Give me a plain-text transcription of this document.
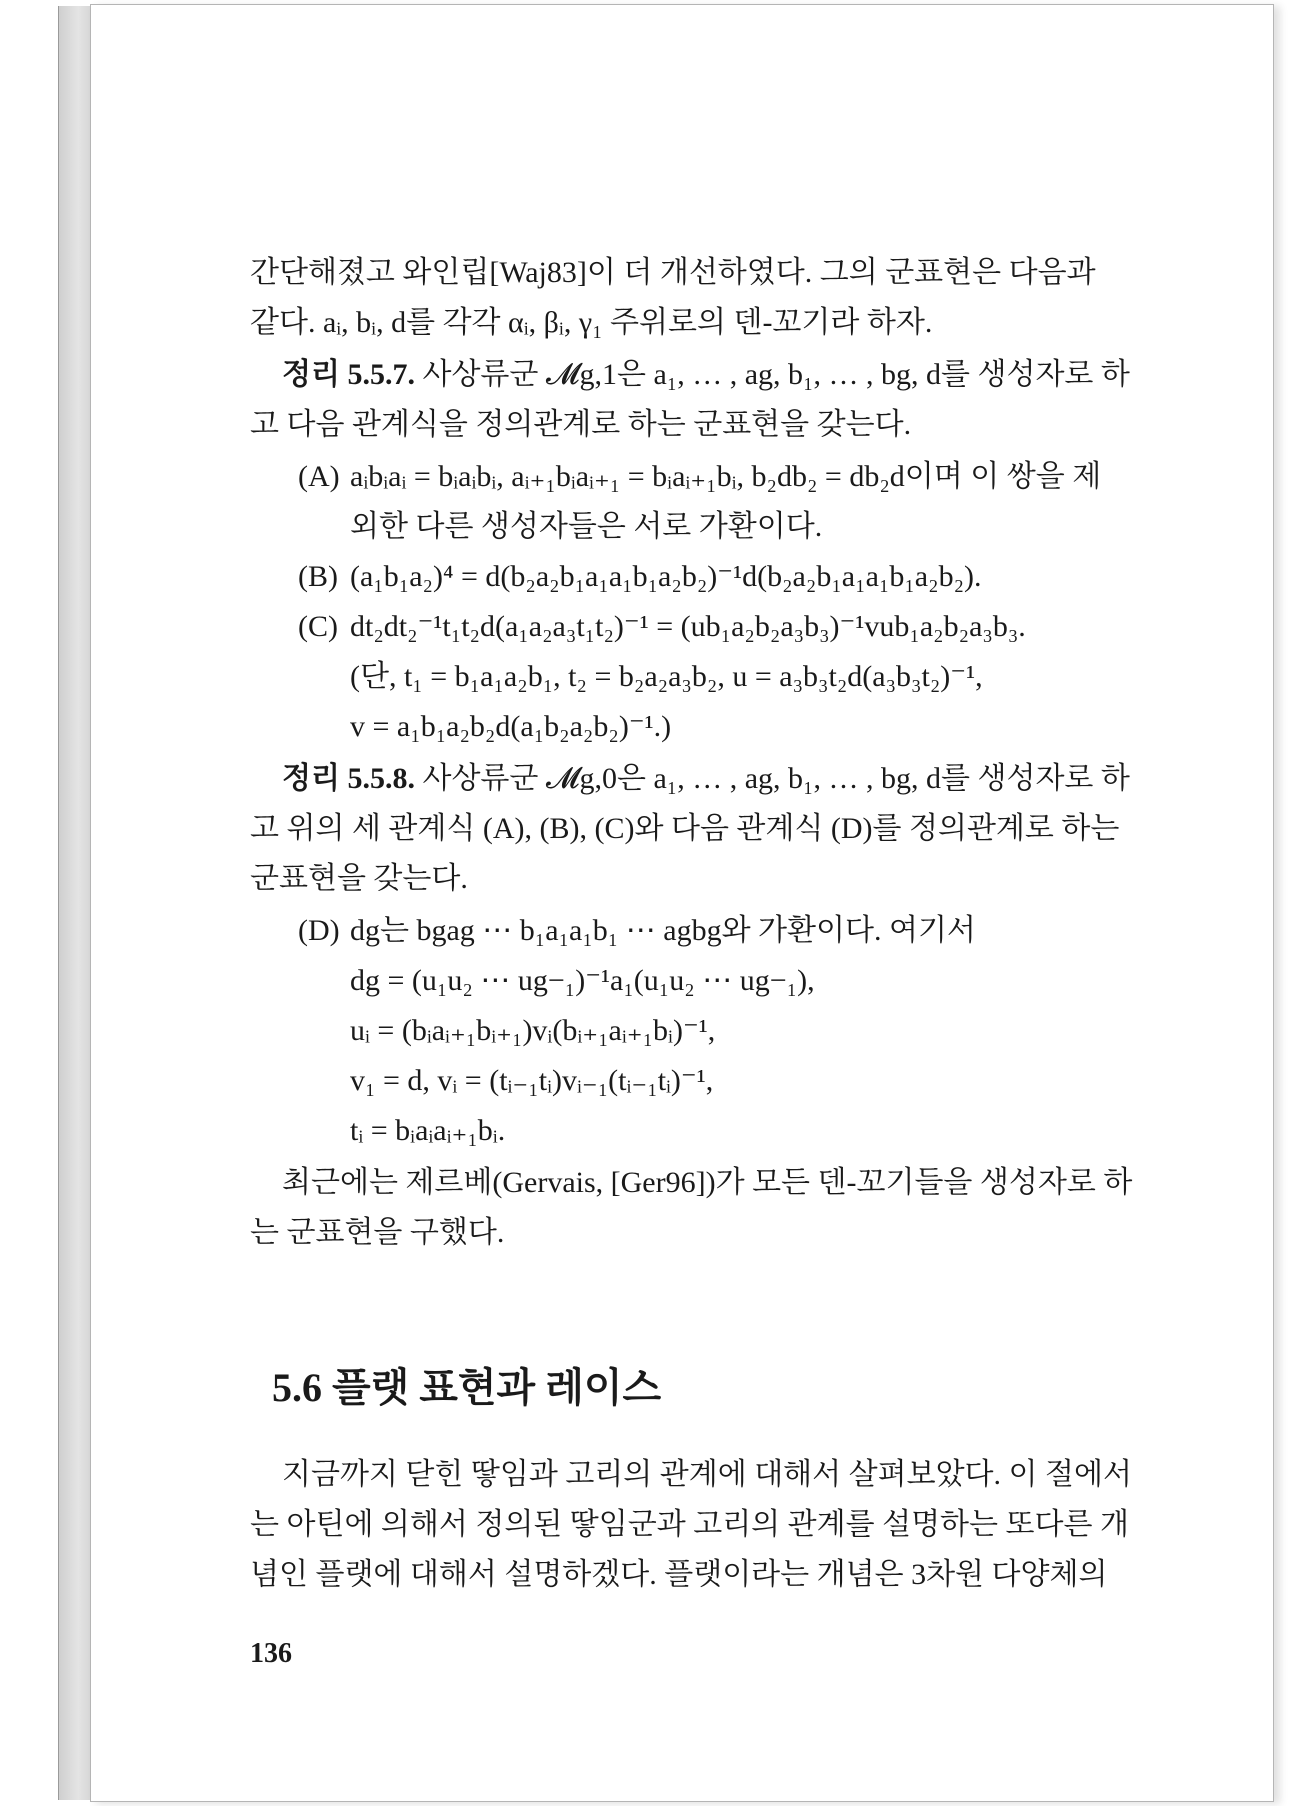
간단해졌고 와인립[Waj83]이 더 개선하였다. 그의 군표현은 다음과

같다. aᵢ, bᵢ, d를 각각 αᵢ, βᵢ, γ₁ 주위로의 덴-꼬기라 하자.

정리 5.5.7. 사상류군 𝓜g,1은 a₁, … , ag, b₁, … , bg, d를 생성자로 하

고 다음 관계식을 정의관계로 하는 군표현을 갖는다.

(A) aᵢbᵢaᵢ = bᵢaᵢbᵢ, aᵢ₊₁bᵢaᵢ₊₁ = bᵢaᵢ₊₁bᵢ, b₂db₂ = db₂d이며 이 쌍을 제

외한 다른 생성자들은 서로 가환이다.

(B) (a₁b₁a₂)⁴ = d(b₂a₂b₁a₁a₁b₁a₂b₂)⁻¹d(b₂a₂b₁a₁a₁b₁a₂b₂).

(C) dt₂dt₂⁻¹t₁t₂d(a₁a₂a₃t₁t₂)⁻¹ = (ub₁a₂b₂a₃b₃)⁻¹vub₁a₂b₂a₃b₃.

(단, t₁ = b₁a₁a₂b₁, t₂ = b₂a₂a₃b₂, u = a₃b₃t₂d(a₃b₃t₂)⁻¹,

v = a₁b₁a₂b₂d(a₁b₂a₂b₂)⁻¹.)

정리 5.5.8. 사상류군 𝓜g,0은 a₁, … , ag, b₁, … , bg, d를 생성자로 하

고 위의 세 관계식 (A), (B), (C)와 다음 관계식 (D)를 정의관계로 하는

군표현을 갖는다.

(D) dg는 bgag ⋯ b₁a₁a₁b₁ ⋯ agbg와 가환이다. 여기서

dg = (u₁u₂ ⋯ ug−₁)⁻¹a₁(u₁u₂ ⋯ ug−₁),

uᵢ = (bᵢaᵢ₊₁bᵢ₊₁)vᵢ(bᵢ₊₁aᵢ₊₁bᵢ)⁻¹,

v₁ = d, vᵢ = (tᵢ₋₁tᵢ)vᵢ₋₁(tᵢ₋₁tᵢ)⁻¹,

tᵢ = bᵢaᵢaᵢ₊₁bᵢ.

최근에는 제르베(Gervais, [Ger96])가 모든 덴-꼬기들을 생성자로 하

는 군표현을 구했다.

5.6 플랫 표현과 레이스

지금까지 닫힌 땋임과 고리의 관계에 대해서 살펴보았다. 이 절에서

는 아틴에 의해서 정의된 땋임군과 고리의 관계를 설명하는 또다른 개

념인 플랫에 대해서 설명하겠다. 플랫이라는 개념은 3차원 다양체의

136
